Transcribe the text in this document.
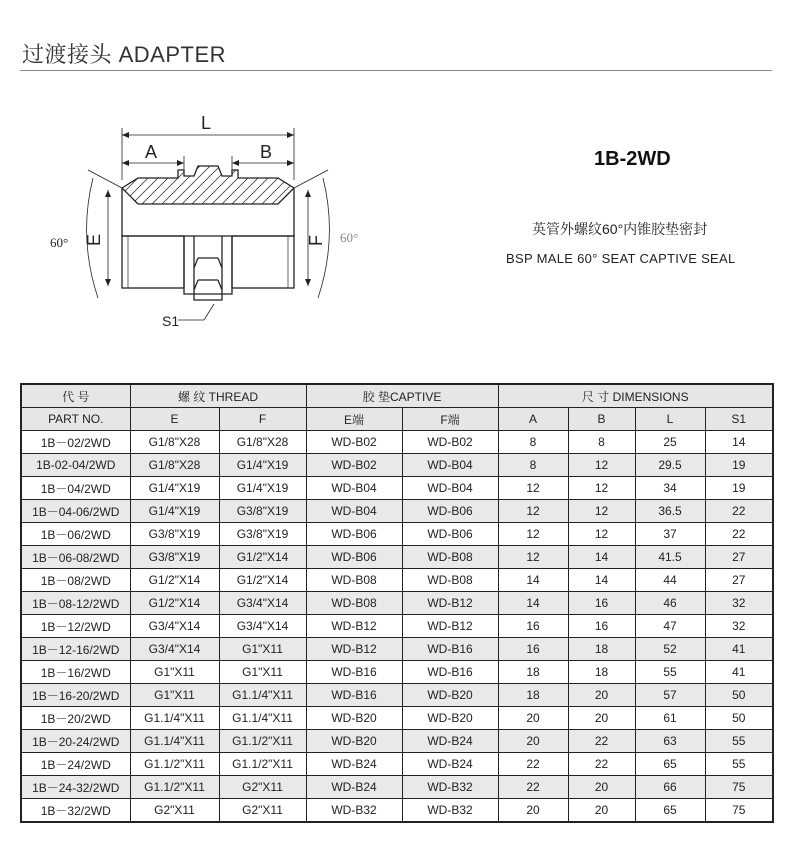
过渡接头 ADAPTER
L
A	B
E	F
60°	60°
S1
1B-2WD
英管外螺纹60°内锥胶垫密封
BSP MALE 60° SEAT CAPTIVE SEAL
代 号	螺 纹 THREAD		胶 垫CAPTIVE		尺 寸 DIMENSIONS			
PART NO.	E	F	E端	F端	A	B	L	S1
1B－02/2WD	G1/8"X28	G1/8"X28	WD-B02	WD-B02	8	8	25	14
1B-02-04/2WD	G1/8"X28	G1/4"X19	WD-B02	WD-B04	8	12	29.5	19
1B－04/2WD	G1/4"X19	G1/4"X19	WD-B04	WD-B04	12	12	34	19
1B－04-06/2WD	G1/4"X19	G3/8"X19	WD-B04	WD-B06	12	12	36.5	22
1B－06/2WD	G3/8"X19	G3/8"X19	WD-B06	WD-B06	12	12	37	22
1B－06-08/2WD	G3/8"X19	G1/2"X14	WD-B06	WD-B08	12	14	41.5	27
1B－08/2WD	G1/2"X14	G1/2"X14	WD-B08	WD-B08	14	14	44	27
1B－08-12/2WD	G1/2"X14	G3/4"X14	WD-B08	WD-B12	14	16	46	32
1B－12/2WD	G3/4"X14	G3/4"X14	WD-B12	WD-B12	16	16	47	32
1B－12-16/2WD	G3/4"X14	G1"X11	WD-B12	WD-B16	16	18	52	41
1B－16/2WD	G1"X11	G1"X11	WD-B16	WD-B16	18	18	55	41
1B－16-20/2WD	G1"X11	G1.1/4"X11	WD-B16	WD-B20	18	20	57	50
1B－20/2WD	G1.1/4"X11	G1.1/4"X11	WD-B20	WD-B20	20	20	61	50
1B－20-24/2WD	G1.1/4"X11	G1.1/2"X11	WD-B20	WD-B24	20	22	63	55
1B－24/2WD	G1.1/2"X11	G1.1/2"X11	WD-B24	WD-B24	22	22	65	55
1B－24-32/2WD	G1.1/2"X11	G2"X11	WD-B24	WD-B32	22	20	66	75
1B－32/2WD	G2"X11	G2"X11	WD-B32	WD-B32	20	20	65	75
